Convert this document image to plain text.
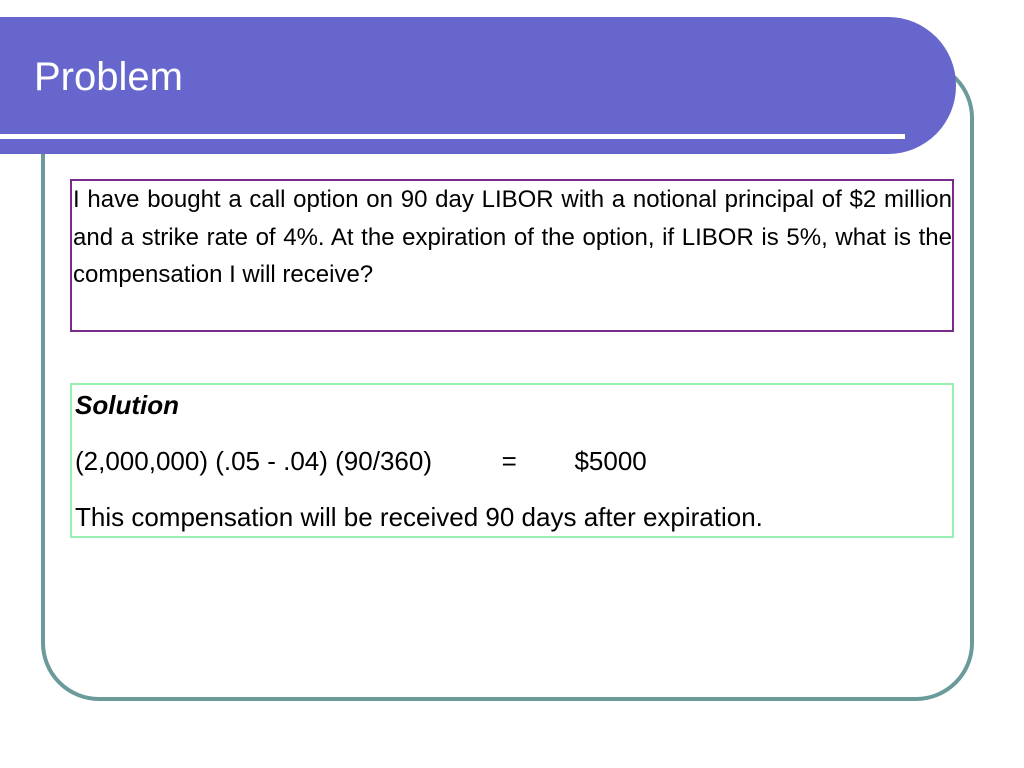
Problem

I have bought a call option on 90 day LIBOR with a notional principal of $2 million and a strike rate of 4%. At the expiration of the option, if LIBOR is 5%, what is the compensation I will receive?

Solution

(2,000,000) (.05 - .04) (90/360)	= $5000

This compensation will be received 90 days after expiration.
